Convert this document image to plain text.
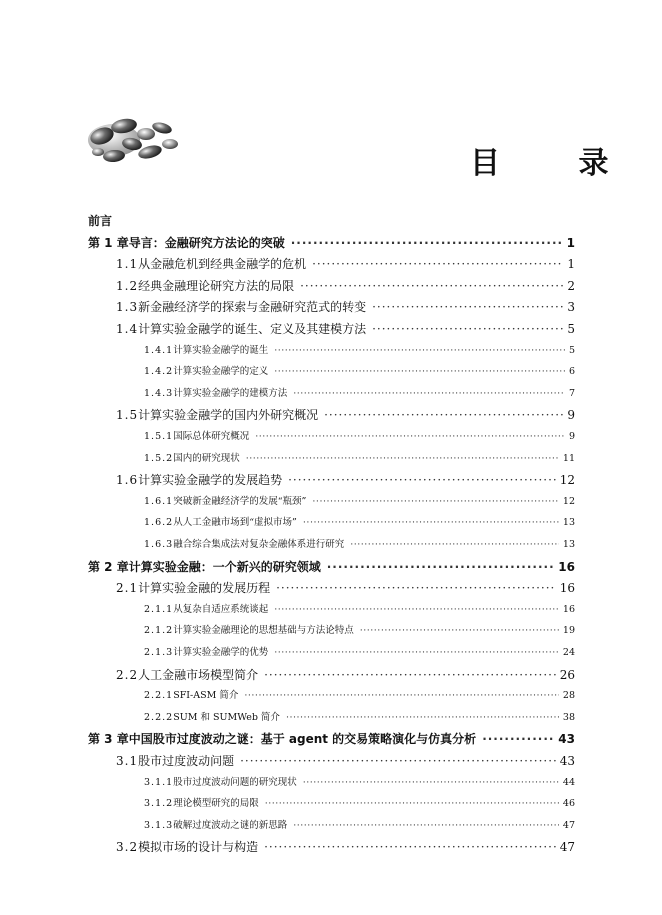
目 录
前言
第 1 章 导言：金融研究方法论的突破 ·····	1
1.1 从金融危机到经典金融学的危机 ·····	1
1.2 经典金融理论研究方法的局限 ·····	2
1.3 新金融经济学的探索与金融研究范式的转变 ·····	3
1.4 计算实验金融学的诞生、定义及其建模方法 ·····	5
1.4.1 计算实验金融学的诞生 ·····	5
1.4.2 计算实验金融学的定义 ·····	6
1.4.3 计算实验金融学的建模方法 ·····	7
1.5 计算实验金融学的国内外研究概况 ·····	9
1.5.1 国际总体研究概况 ·····	9
1.5.2 国内的研究现状 ·····	11
1.6 计算实验金融学的发展趋势 ·····	12
1.6.1 突破新金融经济学的发展“瓶颈” ·····	12
1.6.2 从人工金融市场到“虚拟市场” ·····	13
1.6.3 融合综合集成法对复杂金融体系进行研究 ·····	13
第 2 章 计算实验金融：一个新兴的研究领域 ·····	16
2.1 计算实验金融的发展历程 ·····	16
2.1.1 从复杂自适应系统谈起 ·····	16
2.1.2 计算实验金融理论的思想基础与方法论特点 ·····	19
2.1.3 计算实验金融学的优势 ·····	24
2.2 人工金融市场模型简介 ·····	26
2.2.1 SFI-ASM 简介 ·····	28
2.2.2 SUM 和 SUMWeb 简介 ·····	38
第 3 章 中国股市过度波动之谜：基于 agent 的交易策略演化与仿真分析 ·····	43
3.1 股市过度波动问题 ·····	43
3.1.1 股市过度波动问题的研究现状 ·····	44
3.1.2 理论模型研究的局限 ·····	46
3.1.3 破解过度波动之谜的新思路 ·····	47
3.2 模拟市场的设计与构造 ·····	47
